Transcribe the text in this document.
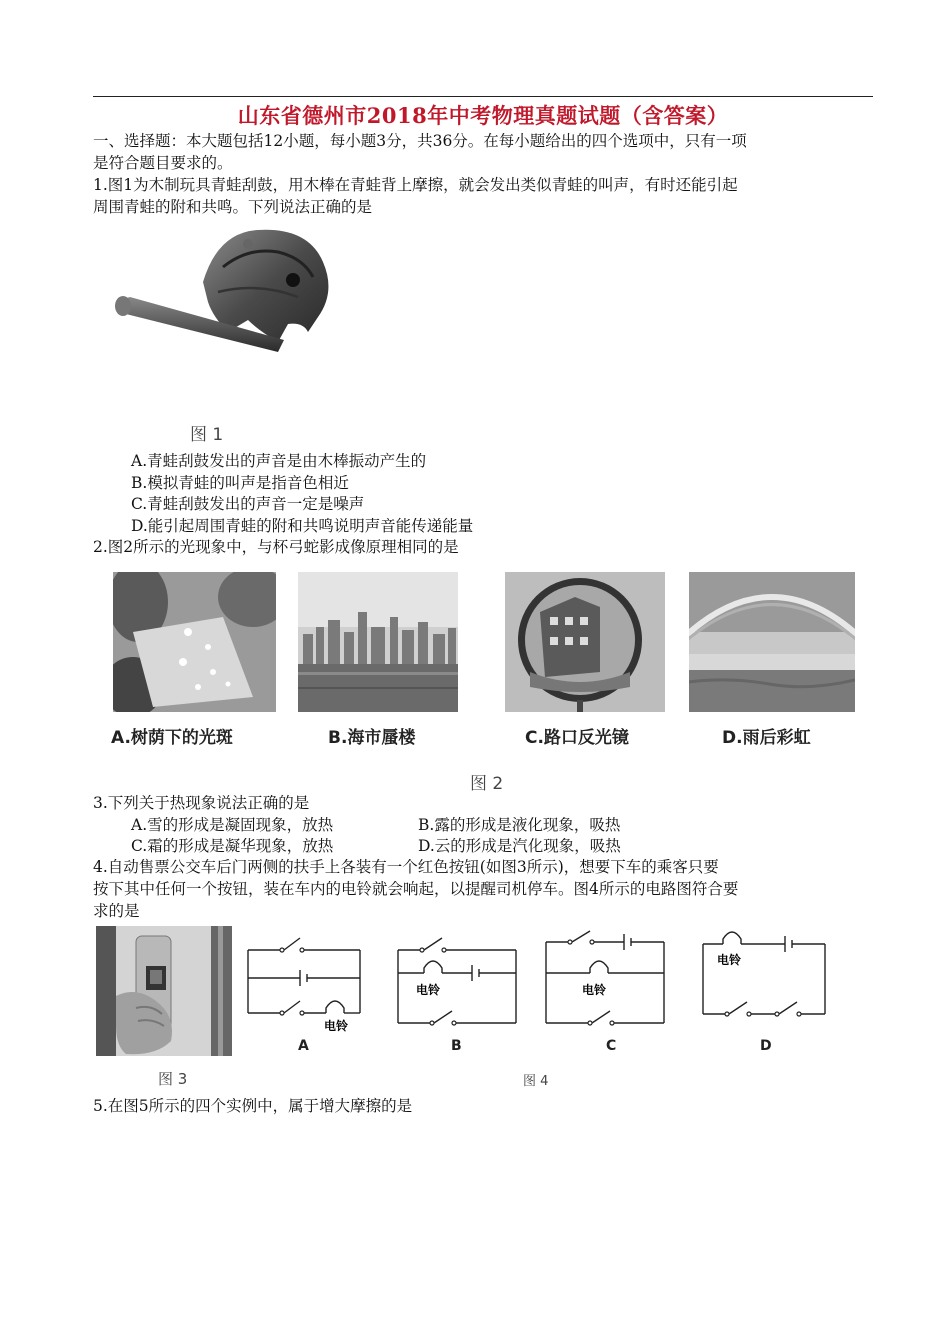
山东省德州市2018年中考物理真题试题（含答案）
一、选择题：本大题包括12小题，每小题3分，共36分。在每小题给出的四个选项中，只有一项
是符合题目要求的。
1.图1为木制玩具青蛙刮鼓，用木棒在青蛙背上摩擦，就会发出类似青蛙的叫声，有时还能引起
周围青蛙的附和共鸣。下列说法正确的是
图 1
A.青蛙刮鼓发出的声音是由木棒振动产生的
B.模拟青蛙的叫声是指音色相近
C.青蛙刮鼓发出的声音一定是噪声
D.能引起周围青蛙的附和共鸣说明声音能传递能量
2.图2所示的光现象中，与杯弓蛇影成像原理相同的是
A.树荫下的光斑	B.海市蜃楼	C.路口反光镜	D.雨后彩虹
图 2
3.下列关于热现象说法正确的是
A.雪的形成是凝固现象，放热	B.露的形成是液化现象，吸热
C.霜的形成是凝华现象，放热	D.云的形成是汽化现象，吸热
4.自动售票公交车后门两侧的扶手上各装有一个红色按钮(如图3所示)，想要下车的乘客只要
按下其中任何一个按钮，装在车内的电铃就会响起，以提醒司机停车。图4所示的电路图符合要
求的是
图 3
电铃
A
电铃
B
电铃
C
电铃
D
图 4
5.在图5所示的四个实例中，属于增大摩擦的是
